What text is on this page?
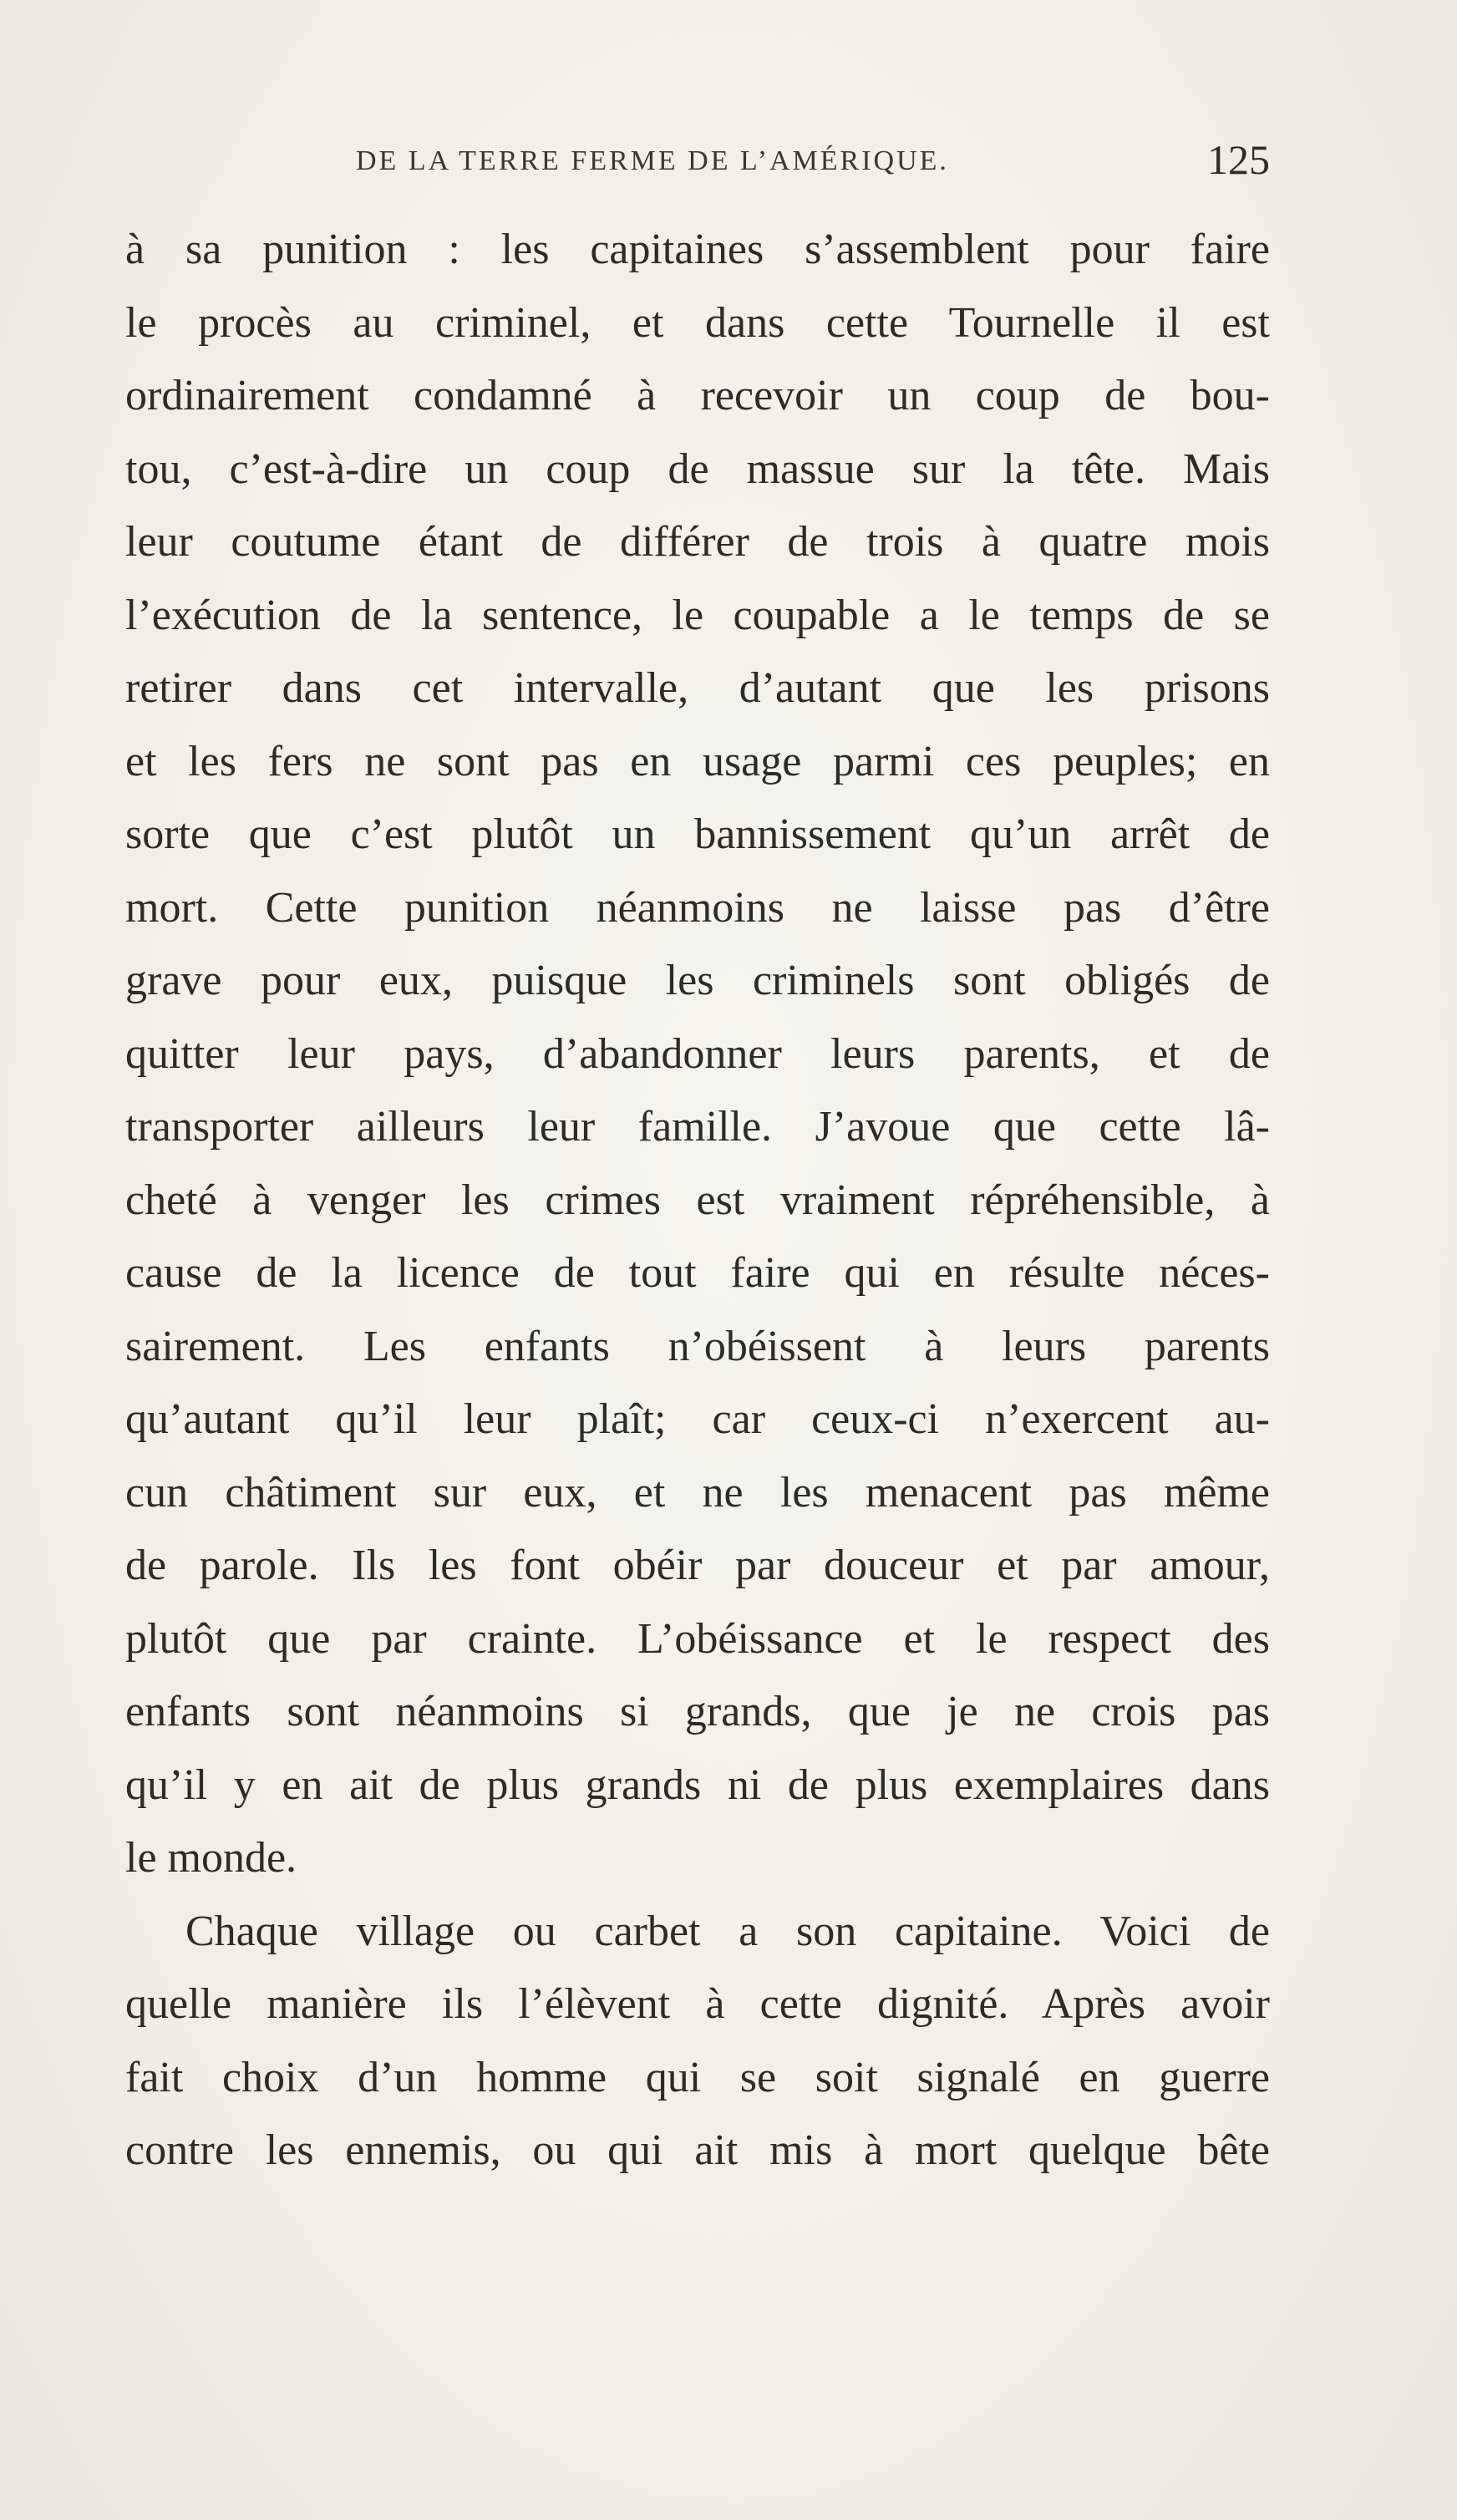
DE LA TERRE FERME DE L’AMÉRIQUE.	125
à sa punition : les capitaines s’assemblent pour faire
le procès au criminel, et dans cette Tournelle il est
ordinairement condamné à recevoir un coup de bou-
tou, c’est-à-dire un coup de massue sur la tête. Mais
leur coutume étant de différer de trois à quatre mois
l’exécution de la sentence, le coupable a le temps de se
retirer dans cet intervalle, d’autant que les prisons
et les fers ne sont pas en usage parmi ces peuples; en
sorte que c’est plutôt un bannissement qu’un arrêt de
mort. Cette punition néanmoins ne laisse pas d’être
grave pour eux, puisque les criminels sont obligés de
quitter leur pays, d’abandonner leurs parents, et de
transporter ailleurs leur famille. J’avoue que cette lâ-
cheté à venger les crimes est vraiment répréhensible, à
cause de la licence de tout faire qui en résulte néces-
sairement. Les enfants n’obéissent à leurs parents
qu’autant qu’il leur plaît; car ceux-ci n’exercent au-
cun châtiment sur eux, et ne les menacent pas même
de parole. Ils les font obéir par douceur et par amour,
plutôt que par crainte. L’obéissance et le respect des
enfants sont néanmoins si grands, que je ne crois pas
qu’il y en ait de plus grands ni de plus exemplaires dans
le monde.
Chaque village ou carbet a son capitaine. Voici de
quelle manière ils l’élèvent à cette dignité. Après avoir
fait choix d’un homme qui se soit signalé en guerre
contre les ennemis, ou qui ait mis à mort quelque bête
